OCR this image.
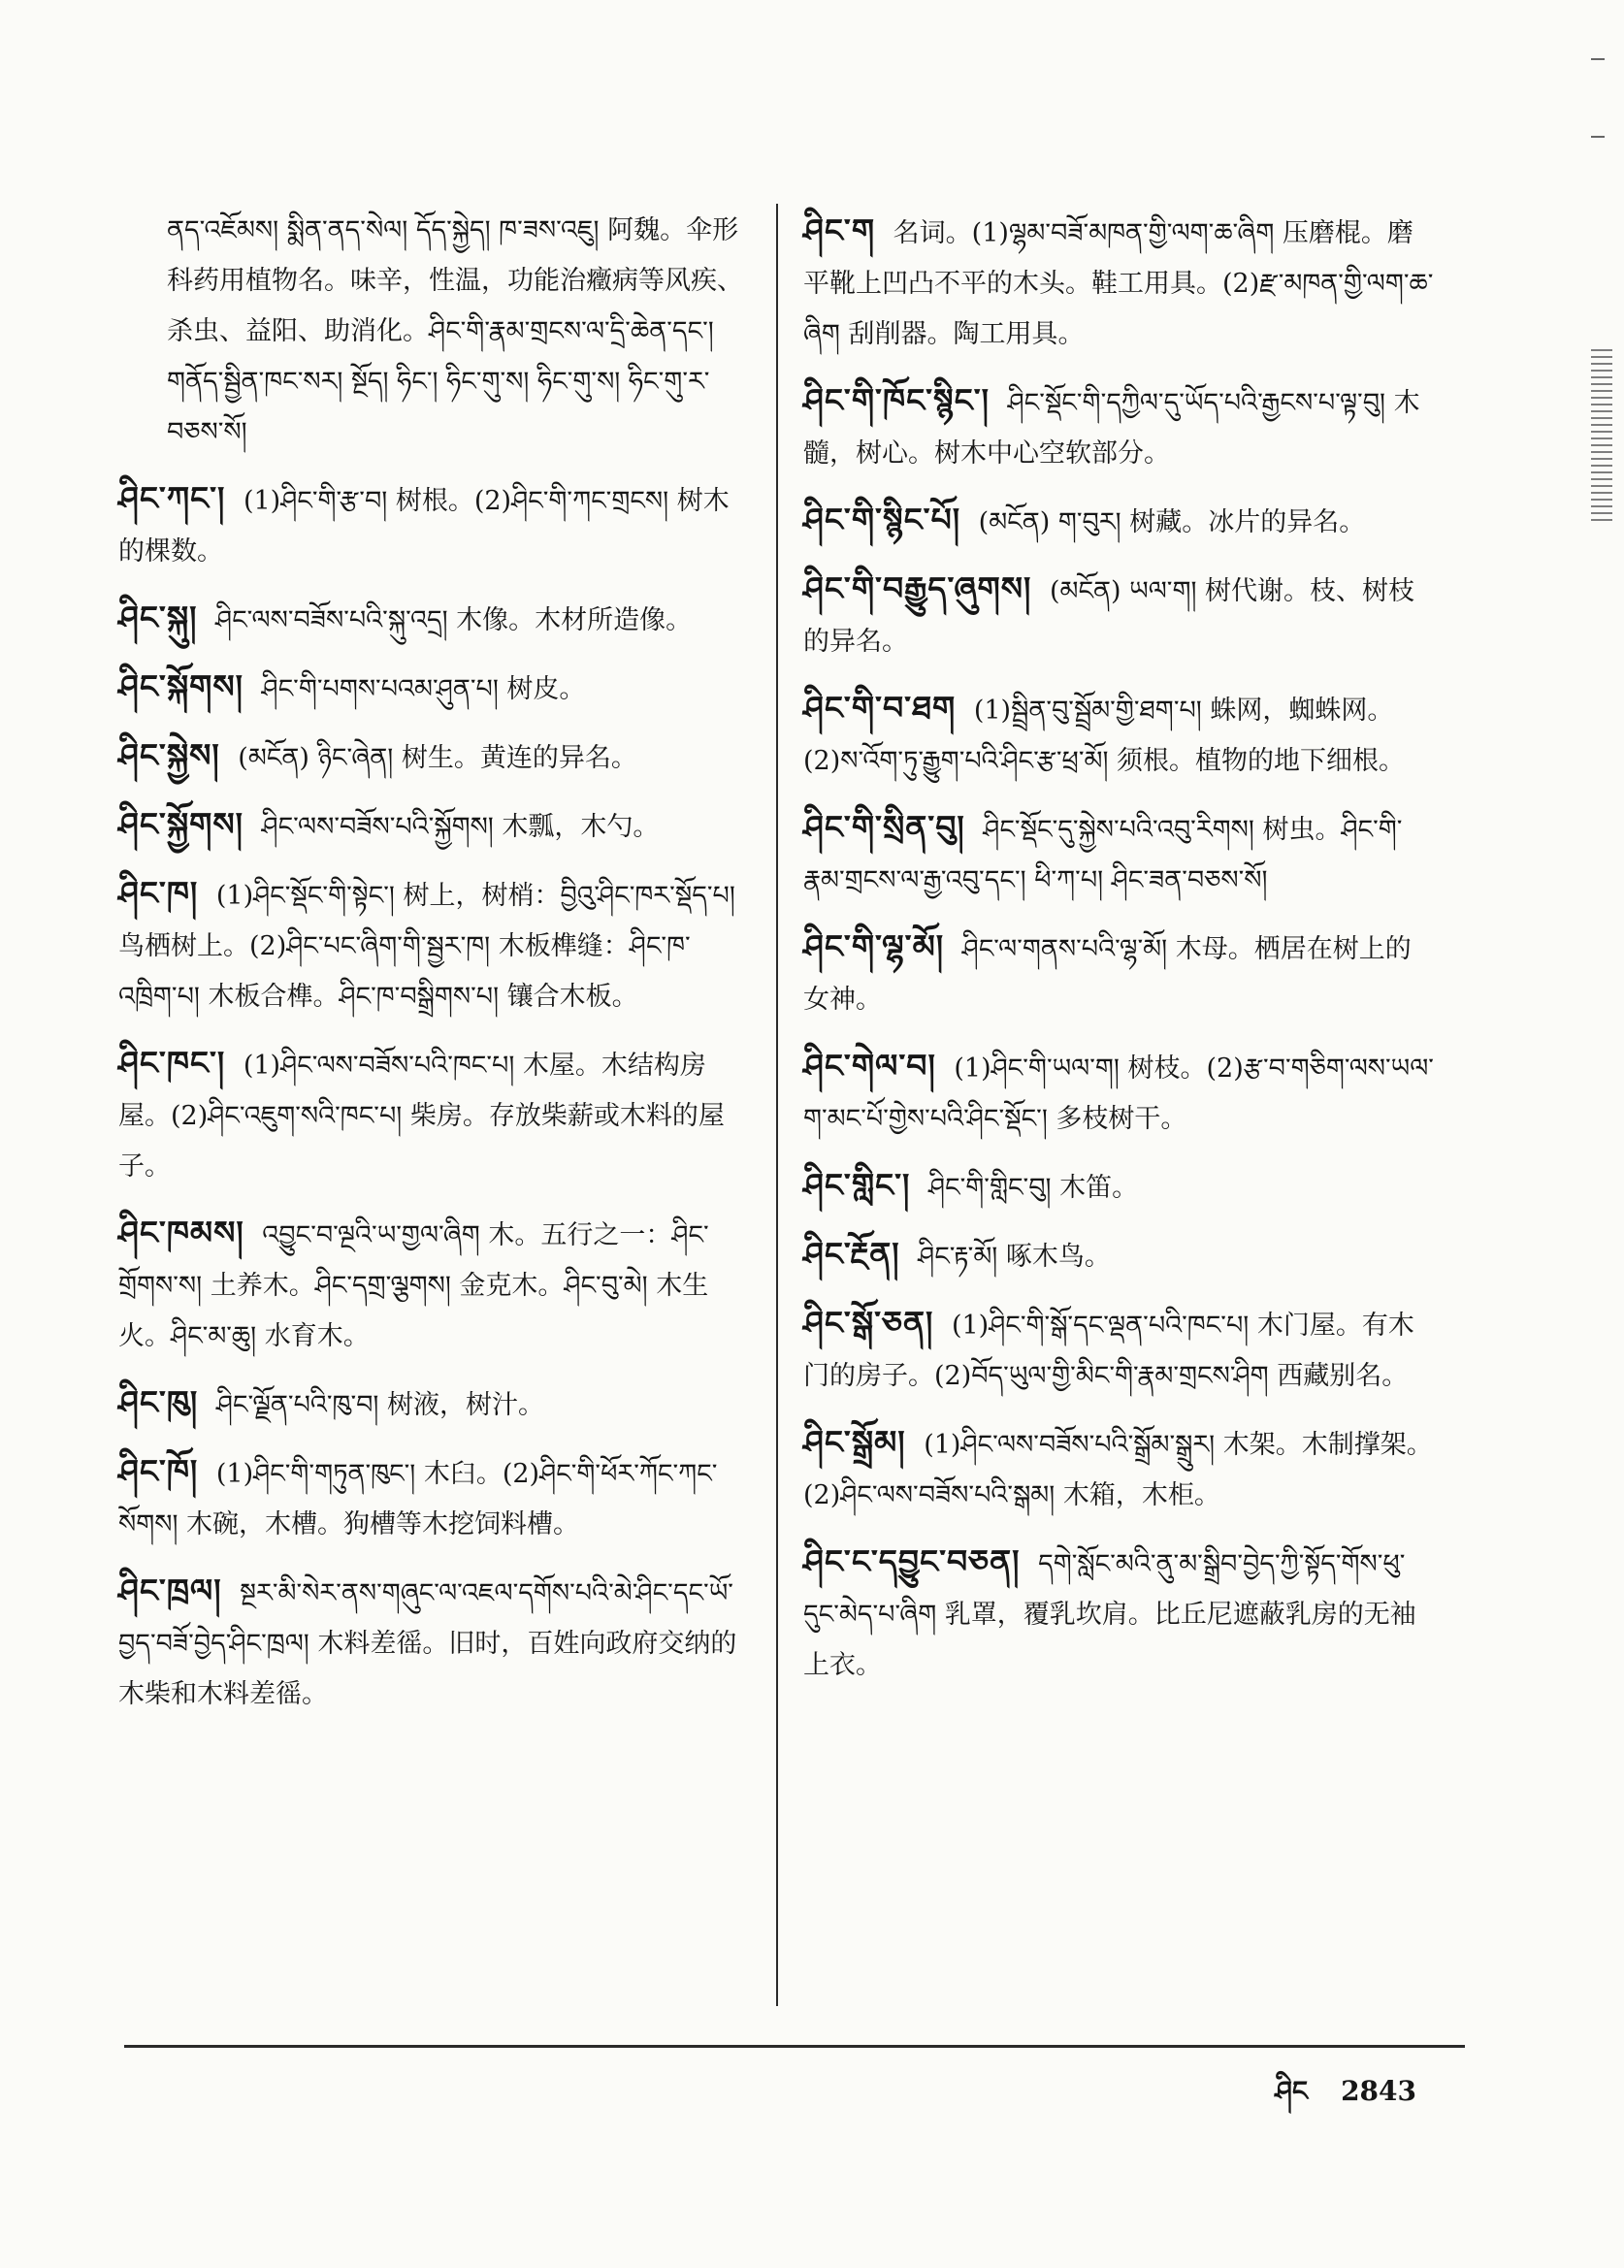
ནད་འཇོམས། སྨིན་ནད་སེལ། དོད་སྐྱེད། ཁ་ཟས་འཇུ། 阿魏。伞形科药用植物名。味辛，性温，功能治癥病等风疾、杀虫、益阳、助消化。ཤིང་གི་རྣམ་གྲངས་ལ་དྲི་ཆེན་དང་། གནོད་སྦྱིན་ཁང་སར། སྔོད། ཧིང་། ཧིང་གུ་ས། ཧིང་གུ་ས། ཧིང་གུ་ར་བཅས་སོ།
ཤིང་ཀང་། (1)ཤིང་གི་རྩ་བ། 树根。(2)ཤིང་གི་ཀང་གྲངས། 树木的棵数。
ཤིང་སྐུ། ཤིང་ལས་བཟོས་པའི་སྐུ་འདྲ། 木像。木材所造像。
ཤིང་སྐོགས། ཤིང་གི་པགས་པའམ་ཤུན་པ། 树皮。
ཤིང་སྐྱེས། (མངོན) ཉིང་ཞེན། 树生。黄连的异名。
ཤིང་སྐྱོགས། ཤིང་ལས་བཟོས་པའི་སྐྱོགས། 木瓢，木勺。
ཤིང་ཁ། (1)ཤིང་སྡོང་གི་སྟེང་། 树上，树梢：བྱིའུ་ཤིང་ཁར་སྡོད་པ། 鸟栖树上。(2)ཤིང་པང་ཞིག་གི་སྦྱར་ཁ། 木板榫缝：ཤིང་ཁ་འཁྲིག་པ། 木板合榫。ཤིང་ཁ་བསྒྲིགས་པ། 镶合木板。
ཤིང་ཁང་། (1)ཤིང་ལས་བཟོས་པའི་ཁང་པ། 木屋。木结构房屋。(2)ཤིང་འཇུག་སའི་ཁང་པ། 柴房。存放柴薪或木料的屋子。
ཤིང་ཁམས། འབྱུང་བ་ལྔའི་ཡ་གྱལ་ཞིག 木。五行之一：ཤིང་གྲོགས་ས། 土养木。ཤིང་དགྲ་ལྕགས། 金克木。ཤིང་བུ་མེ། 木生火。ཤིང་མ་ཆུ། 水育木。
ཤིང་ཁུ། ཤིང་ལྗོན་པའི་ཁུ་བ། 树液，树汁。
ཤིང་ཁོ། (1)ཤིང་གི་གཏུན་ཁུང་། 木臼。(2)ཤིང་གི་ཕོར་ཀོང་ཀང་སོགས། 木碗，木槽。狗槽等木挖饲料槽。
ཤིང་ཁྲལ། སྔར་མི་སེར་ནས་གཞུང་ལ་འཇལ་དགོས་པའི་མེ་ཤིང་དང་ཡོ་བྱད་བཟོ་བྱེད་ཤིང་ཁྲལ། 木料差徭。旧时，百姓向政府交纳的木柴和木料差徭。
ཤིང་ག 名词。(1)ལྷམ་བཟོ་མཁན་གྱི་ལག་ཆ་ཞིག 压磨棍。磨平靴上凹凸不平的木头。鞋工用具。(2)རྫ་མཁན་གྱི་ལག་ཆ་ཞིག 刮削器。陶工用具。
ཤིང་གི་ཁོང་སྙིང་། ཤིང་སྡོང་གི་དཀྱིལ་དུ་ཡོད་པའི་རྒྱངས་པ་ལྟ་བུ། 木髓，树心。树木中心空软部分。
ཤིང་གི་སྙིང་པོ། (མངོན) ག་བུར། 树藏。冰片的异名。
ཤིང་གི་བརྒྱུད་ཞུགས། (མངོན) ཡལ་ག། 树代谢。枝、树枝的异名。
ཤིང་གི་བ་ཐག (1)སྦྲིན་བུ་སྦྲོམ་གྱི་ཐག་པ། 蛛网，蜘蛛网。(2)ས་འོག་ཏུ་རྒྱུག་པའི་ཤིང་རྩ་ཕྲ་མོ། 须根。植物的地下细根。
ཤིང་གི་སྲིན་བུ། ཤིང་སྡོང་དུ་སྐྱེས་པའི་འབུ་རིགས། 树虫。ཤིང་གི་རྣམ་གྲངས་ལ་རྒྱ་འབུ་དང་། ཕི་ཀ་པ། ཤིང་ཟན་བཅས་སོ།
ཤིང་གི་ལྷ་མོ། ཤིང་ལ་གནས་པའི་ལྷ་མོ། 木母。栖居在树上的女神。
ཤིང་གེལ་བ། (1)ཤིང་གི་ཡལ་ག། 树枝。(2)རྩ་བ་གཅིག་ལས་ཡལ་ག་མང་པོ་གྱེས་པའི་ཤིང་སྡོང་། 多枝树干。
ཤིང་གླིང་། ཤིང་གི་གླིང་བུ། 木笛。
ཤིང་རྔོན། ཤིང་རྟ་མོ། 啄木鸟。
ཤིང་སྒོ་ཅན། (1)ཤིང་གི་སྒོ་དང་ལྡན་པའི་ཁང་པ། 木门屋。有木门的房子。(2)བོད་ཡུལ་གྱི་མིང་གི་རྣམ་གྲངས་ཤིག 西藏别名。
ཤིང་སྒྲོམ། (1)ཤིང་ལས་བཟོས་པའི་སྒྲོམ་སྒྲུར། 木架。木制撑架。(2)ཤིང་ལས་བཟོས་པའི་སྒམ། 木箱，木柜。
ཤིང་ང་དབྱུང་བཅན། དགེ་སློང་མའི་ནུ་མ་སྒྲིབ་བྱེད་ཀྱི་སྟོད་གོས་ཕུ་དུང་མེད་པ་ཞིག 乳罩，覆乳坎肩。比丘尼遮蔽乳房的无袖上衣。
ཤིང 2843
